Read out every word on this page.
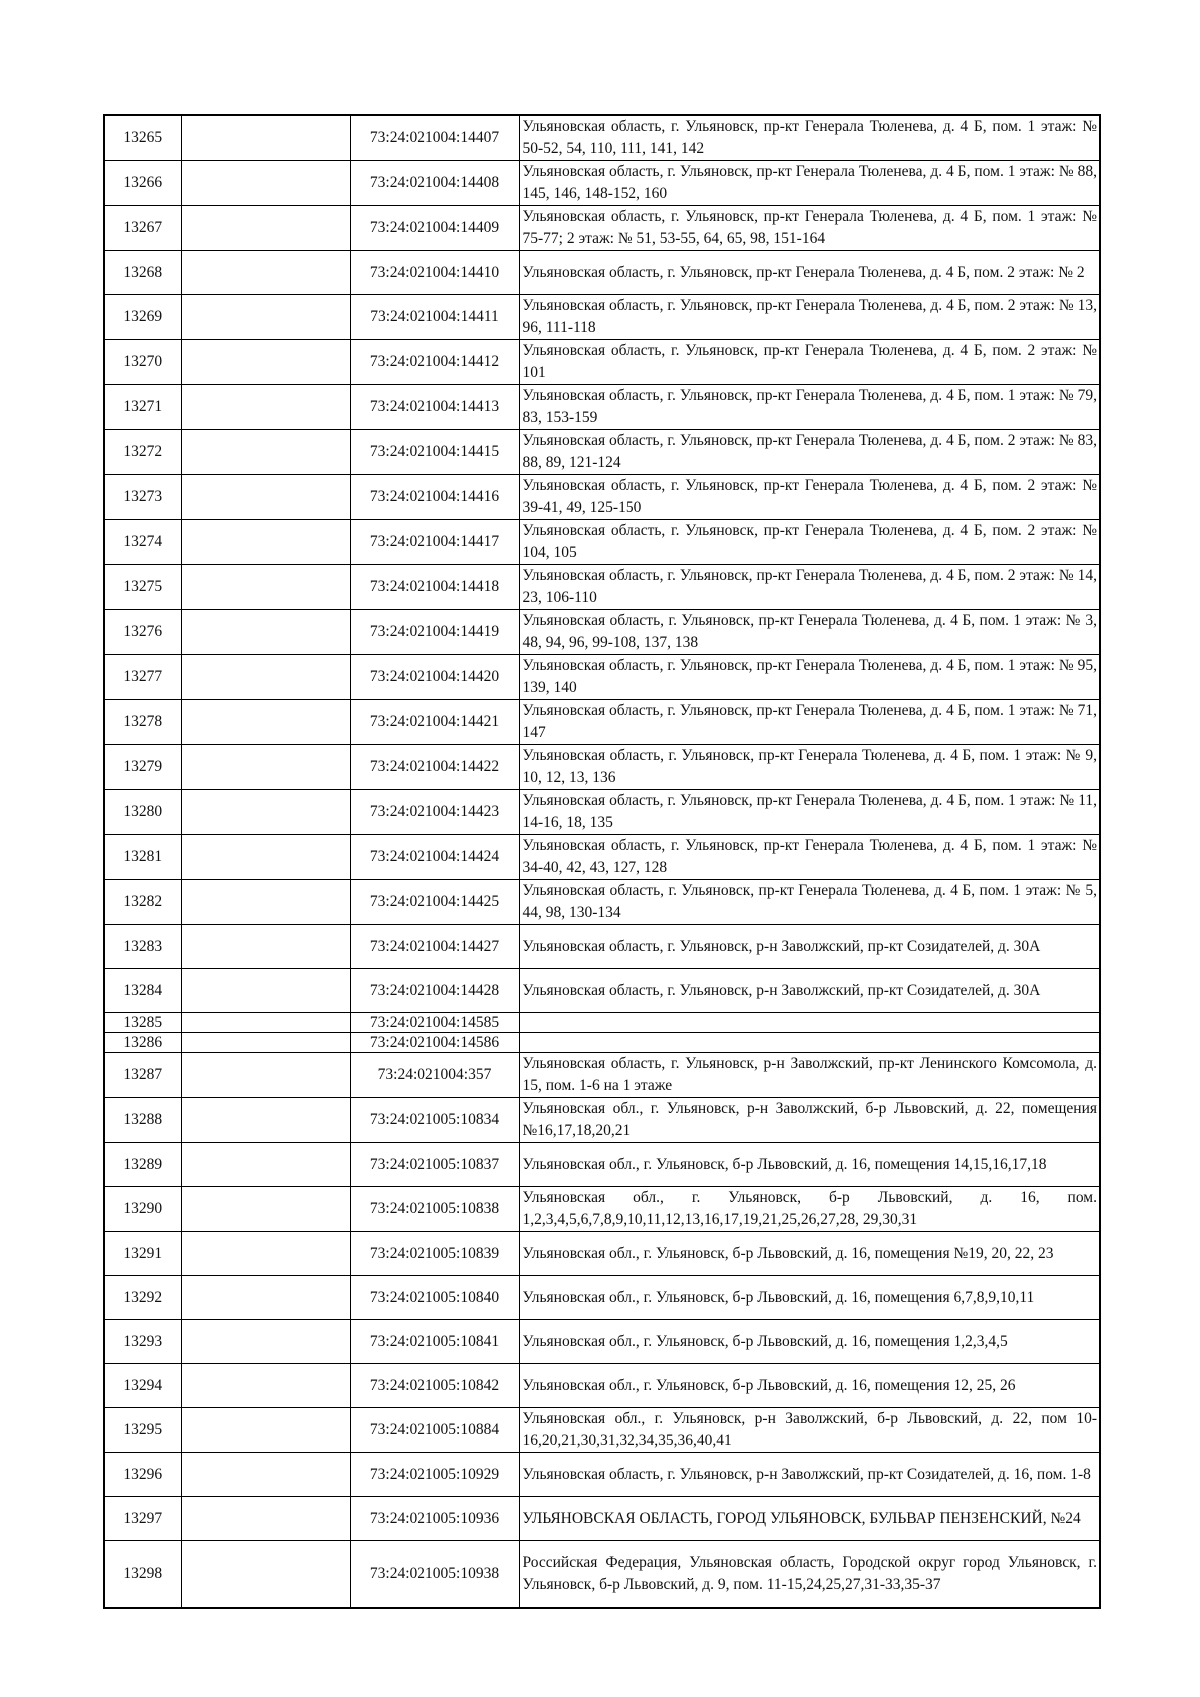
13265		73:24:021004:14407	Ульяновская область, г. Ульяновск, пр-кт Генерала Тюленева, д. 4 Б, пом. 1 этаж: № 50-52, 54, 110, 111, 141, 142
13266		73:24:021004:14408	Ульяновская область, г. Ульяновск, пр-кт Генерала Тюленева, д. 4 Б, пом. 1 этаж: № 88, 145, 146, 148-152, 160
13267		73:24:021004:14409	Ульяновская область, г. Ульяновск, пр-кт Генерала Тюленева, д. 4 Б, пом. 1 этаж: № 75-77; 2 этаж: № 51, 53-55, 64, 65, 98, 151-164
13268		73:24:021004:14410	Ульяновская область, г. Ульяновск, пр-кт Генерала Тюленева, д. 4 Б, пом. 2 этаж: № 2
13269		73:24:021004:14411	Ульяновская область, г. Ульяновск, пр-кт Генерала Тюленева, д. 4 Б, пом. 2 этаж: № 13, 96, 111-118
13270		73:24:021004:14412	Ульяновская область, г. Ульяновск, пр-кт Генерала Тюленева, д. 4 Б, пом. 2 этаж: № 101
13271		73:24:021004:14413	Ульяновская область, г. Ульяновск, пр-кт Генерала Тюленева, д. 4 Б, пом. 1 этаж: № 79, 83, 153-159
13272		73:24:021004:14415	Ульяновская область, г. Ульяновск, пр-кт Генерала Тюленева, д. 4 Б, пом. 2 этаж: № 83, 88, 89, 121-124
13273		73:24:021004:14416	Ульяновская область, г. Ульяновск, пр-кт Генерала Тюленева, д. 4 Б, пом. 2 этаж: № 39-41, 49, 125-150
13274		73:24:021004:14417	Ульяновская область, г. Ульяновск, пр-кт Генерала Тюленева, д. 4 Б, пом. 2 этаж: № 104, 105
13275		73:24:021004:14418	Ульяновская область, г. Ульяновск, пр-кт Генерала Тюленева, д. 4 Б, пом. 2 этаж: № 14, 23, 106-110
13276		73:24:021004:14419	Ульяновская область, г. Ульяновск, пр-кт Генерала Тюленева, д. 4 Б, пом. 1 этаж: № 3, 48, 94, 96, 99-108, 137, 138
13277		73:24:021004:14420	Ульяновская область, г. Ульяновск, пр-кт Генерала Тюленева, д. 4 Б, пом. 1 этаж: № 95, 139, 140
13278		73:24:021004:14421	Ульяновская область, г. Ульяновск, пр-кт Генерала Тюленева, д. 4 Б, пом. 1 этаж: № 71, 147
13279		73:24:021004:14422	Ульяновская область, г. Ульяновск, пр-кт Генерала Тюленева, д. 4 Б, пом. 1 этаж: № 9, 10, 12, 13, 136
13280		73:24:021004:14423	Ульяновская область, г. Ульяновск, пр-кт Генерала Тюленева, д. 4 Б, пом. 1 этаж: № 11, 14-16, 18, 135
13281		73:24:021004:14424	Ульяновская область, г. Ульяновск, пр-кт Генерала Тюленева, д. 4 Б, пом. 1 этаж: № 34-40, 42, 43, 127, 128
13282		73:24:021004:14425	Ульяновская область, г. Ульяновск, пр-кт Генерала Тюленева, д. 4 Б, пом. 1 этаж: № 5, 44, 98, 130-134
13283		73:24:021004:14427	Ульяновская область, г. Ульяновск, р-н Заволжский, пр-кт Созидателей, д. 30А
13284		73:24:021004:14428	Ульяновская область, г. Ульяновск, р-н Заволжский, пр-кт Созидателей, д. 30А
13285		73:24:021004:14585	
13286		73:24:021004:14586	
13287		73:24:021004:357	Ульяновская область, г. Ульяновск, р-н Заволжский, пр-кт Ленинского Комсомола, д. 15, пом. 1-6 на 1 этаже
13288		73:24:021005:10834	Ульяновская обл., г. Ульяновск, р-н Заволжский, б-р Львовский, д. 22, помещения №16,17,18,20,21
13289		73:24:021005:10837	Ульяновская обл., г. Ульяновск, б-р Львовский, д. 16, помещения 14,15,16,17,18
13290		73:24:021005:10838	Ульяновская обл., г. Ульяновск, б-р Львовский, д. 16, пом. 1,2,3,4,5,6,7,8,9,10,11,12,13,16,17,19,21,25,26,27,28, 29,30,31
13291		73:24:021005:10839	Ульяновская обл., г. Ульяновск, б-р Львовский, д. 16, помещения №19, 20, 22, 23
13292		73:24:021005:10840	Ульяновская обл., г. Ульяновск, б-р Львовский, д. 16, помещения 6,7,8,9,10,11
13293		73:24:021005:10841	Ульяновская обл., г. Ульяновск, б-р Львовский, д. 16, помещения 1,2,3,4,5
13294		73:24:021005:10842	Ульяновская обл., г. Ульяновск, б-р Львовский, д. 16, помещения 12, 25, 26
13295		73:24:021005:10884	Ульяновская обл., г. Ульяновск, р-н Заволжский, б-р Львовский, д. 22, пом 10-16,20,21,30,31,32,34,35,36,40,41
13296		73:24:021005:10929	Ульяновская область, г. Ульяновск, р-н Заволжский, пр-кт Созидателей, д. 16, пом. 1-8
13297		73:24:021005:10936	УЛЬЯНОВСКАЯ ОБЛАСТЬ, ГОРОД УЛЬЯНОВСК, БУЛЬВАР ПЕНЗЕНСКИЙ, №24
13298		73:24:021005:10938	Российская Федерация, Ульяновская область, Городской округ город Ульяновск, г. Ульяновск, б-р Львовский, д. 9, пом. 11-15,24,25,27,31-33,35-37
